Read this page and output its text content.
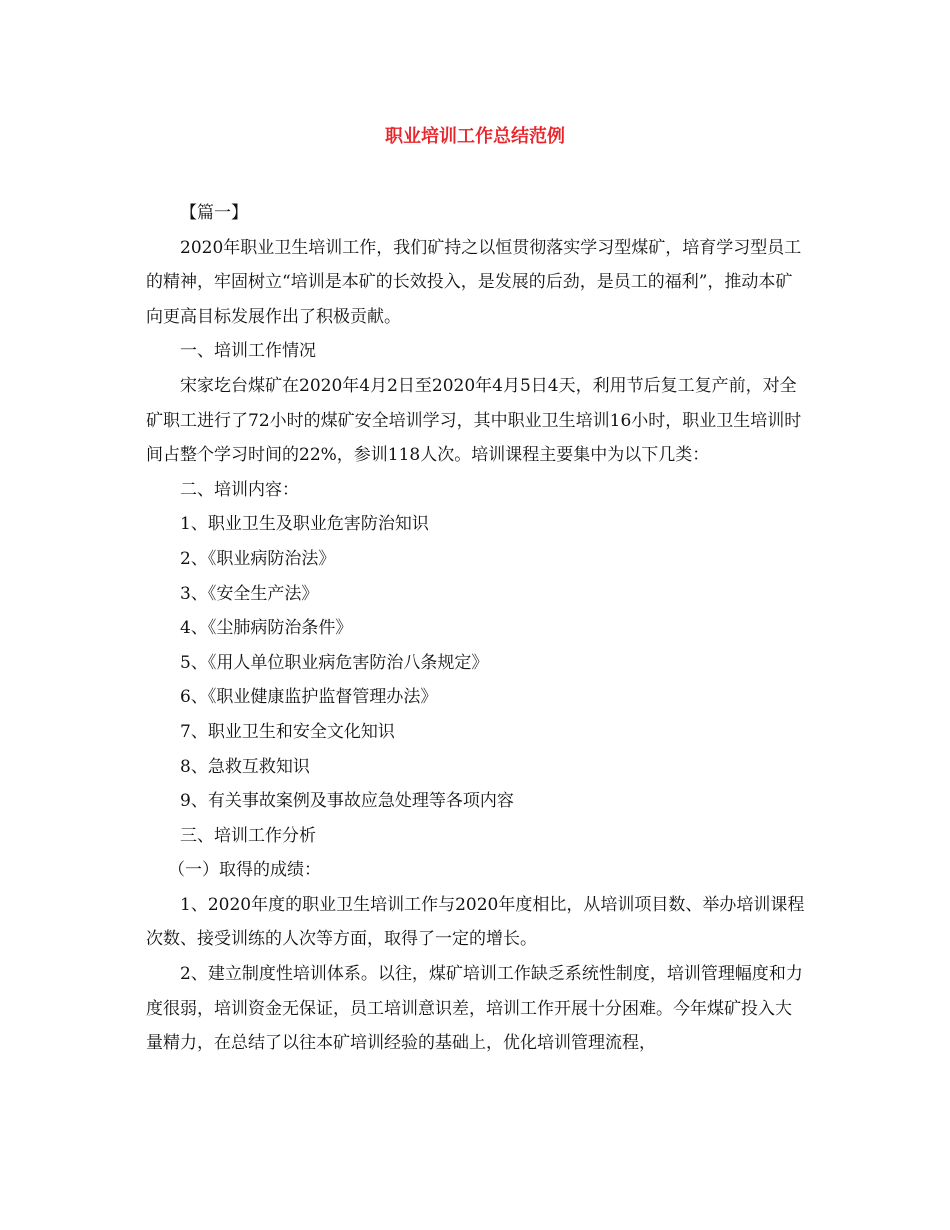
职业培训工作总结范例

【篇一】

2020年职业卫生培训工作，我们矿持之以恒贯彻落实学习型煤矿，培育学习型员工的精神，牢固树立“培训是本矿的长效投入，是发展的后劲，是员工的福利”，推动本矿向更高目标发展作出了积极贡献。

一、培训工作情况

宋家圪台煤矿在2020年4月2日至2020年4月5日4天，利用节后复工复产前，对全矿职工进行了72小时的煤矿安全培训学习，其中职业卫生培训16小时，职业卫生培训时间占整个学习时间的22%，参训118人次。培训课程主要集中为以下几类：

二、培训内容：

1、职业卫生及职业危害防治知识

2、《职业病防治法》

3、《安全生产法》

4、《尘肺病防治条件》

5、《用人单位职业病危害防治八条规定》

6、《职业健康监护监督管理办法》

7、职业卫生和安全文化知识

8、急救互救知识

9、有关事故案例及事故应急处理等各项内容

三、培训工作分析

（一）取得的成绩：

1、2020年度的职业卫生培训工作与2020年度相比，从培训项目数、举办培训课程次数、接受训练的人次等方面，取得了一定的增长。

2、建立制度性培训体系。以往，煤矿培训工作缺乏系统性制度，培训管理幅度和力度很弱，培训资金无保证，员工培训意识差，培训工作开展十分困难。今年煤矿投入大量精力，在总结了以往本矿培训经验的基础上，优化培训管理流程，
